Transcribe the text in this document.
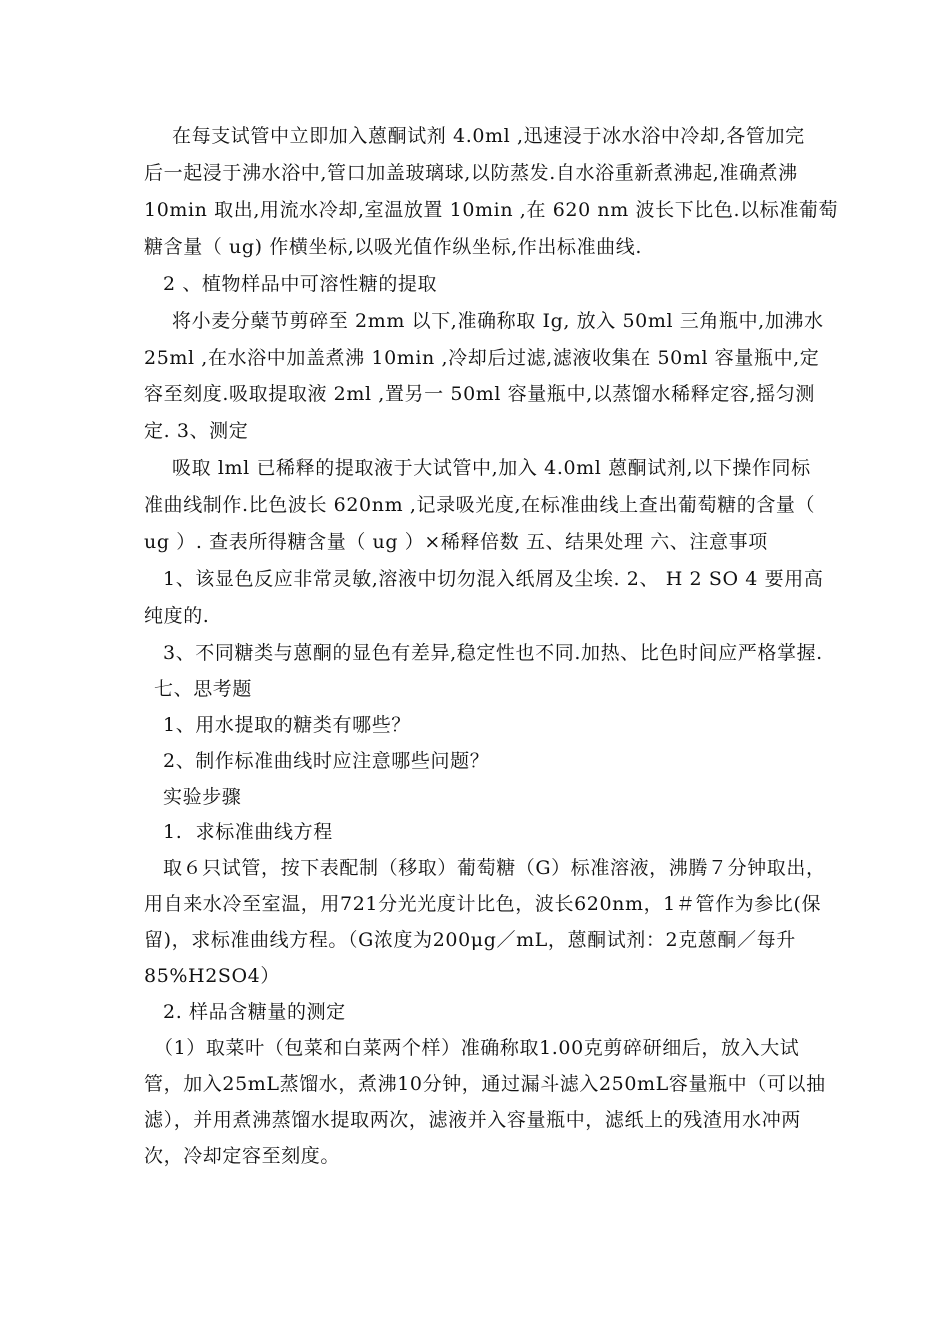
在每支试管中立即加入蒽酮试剂 4.0ml ,迅速浸于冰水浴中冷却,各管加完
后一起浸于沸水浴中,管口加盖玻璃球,以防蒸发.自水浴重新煮沸起,准确煮沸
10min 取出,用流水冷却,室温放置 10min ,在 620 nm 波长下比色.以标准葡萄
糖含量（ ug) 作横坐标,以吸光值作纵坐标,作出标准曲线.
2 、植物样品中可溶性糖的提取
将小麦分蘖节剪碎至 2mm 以下,准确称取 Ig, 放入 50ml 三角瓶中,加沸水
25ml ,在水浴中加盖煮沸 10min ,冷却后过滤,滤液收集在 50ml 容量瓶中,定
容至刻度.吸取提取液 2ml ,置另一 50ml 容量瓶中,以蒸馏水稀释定容,摇匀测
定. 3、测定
吸取 lml 已稀释的提取液于大试管中,加入 4.0ml 蒽酮试剂,以下操作同标
准曲线制作.比色波长 620nm ,记录吸光度,在标准曲线上查出葡萄糖的含量（
ug ）. 查表所得糖含量（ ug ）×稀释倍数 五、结果处理 六、注意事项
1、该显色反应非常灵敏,溶液中切勿混入纸屑及尘埃. 2、 H 2 SO 4 要用高
纯度的.
3、不同糖类与蒽酮的显色有差异,稳定性也不同.加热、比色时间应严格掌握.
七、思考题
1、用水提取的糖类有哪些？
2、制作标准曲线时应注意哪些问题？
实验步骤
1.  求标准曲线方程
取６只试管，按下表配制（移取）葡萄糖（G）标准溶液，沸腾７分钟取出，
用自来水冷至室温，用721分光光度计比色，波长620nm，1＃管作为参比(保
留)，求标准曲线方程。（G浓度为200μg／mL，蒽酮试剂：2克蒽酮／每升
85%H2SO4）
2. 样品含糖量的测定
（1）取菜叶（包菜和白菜两个样）准确称取1.00克剪碎研细后，放入大试
管，加入25mL蒸馏水，煮沸10分钟，通过漏斗滤入250mL容量瓶中（可以抽
滤），并用煮沸蒸馏水提取两次，滤液并入容量瓶中，滤纸上的残渣用水冲两
次，冷却定容至刻度。
